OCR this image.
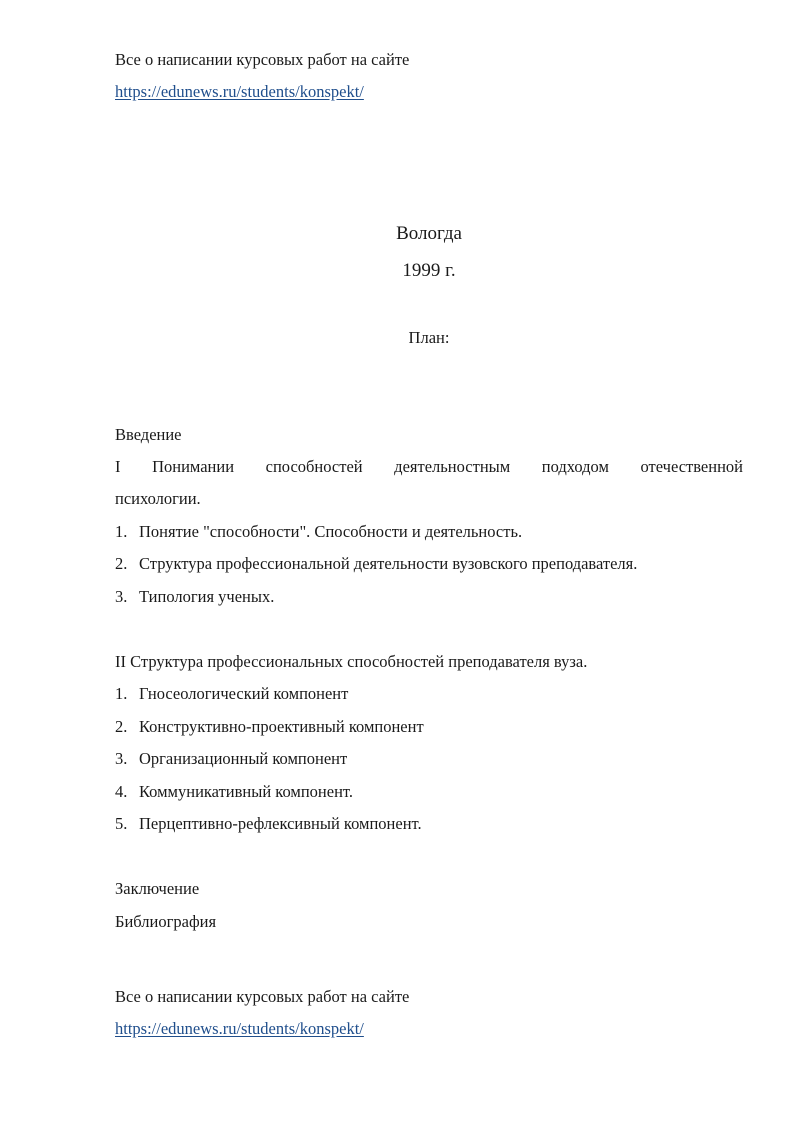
Все о написании курсовых работ на сайте
https://edunews.ru/students/konspekt/
Вологда
1999 г.
План:
Введение
I Понимании способностей деятельностным подходом отечественной
психологии.
1. Понятие "способности". Способности и деятельность.
2. Структура профессиональной деятельности вузовского преподавателя.
3. Типология ученых.
II Структура профессиональных способностей преподавателя вуза.
1. Гносеологический компонент
2. Конструктивно-проективный компонент
3. Организационный компонент
4. Коммуникативный компонент.
5. Перцептивно-рефлексивный компонент.
Заключение
Библиография
Все о написании курсовых работ на сайте
https://edunews.ru/students/konspekt/
